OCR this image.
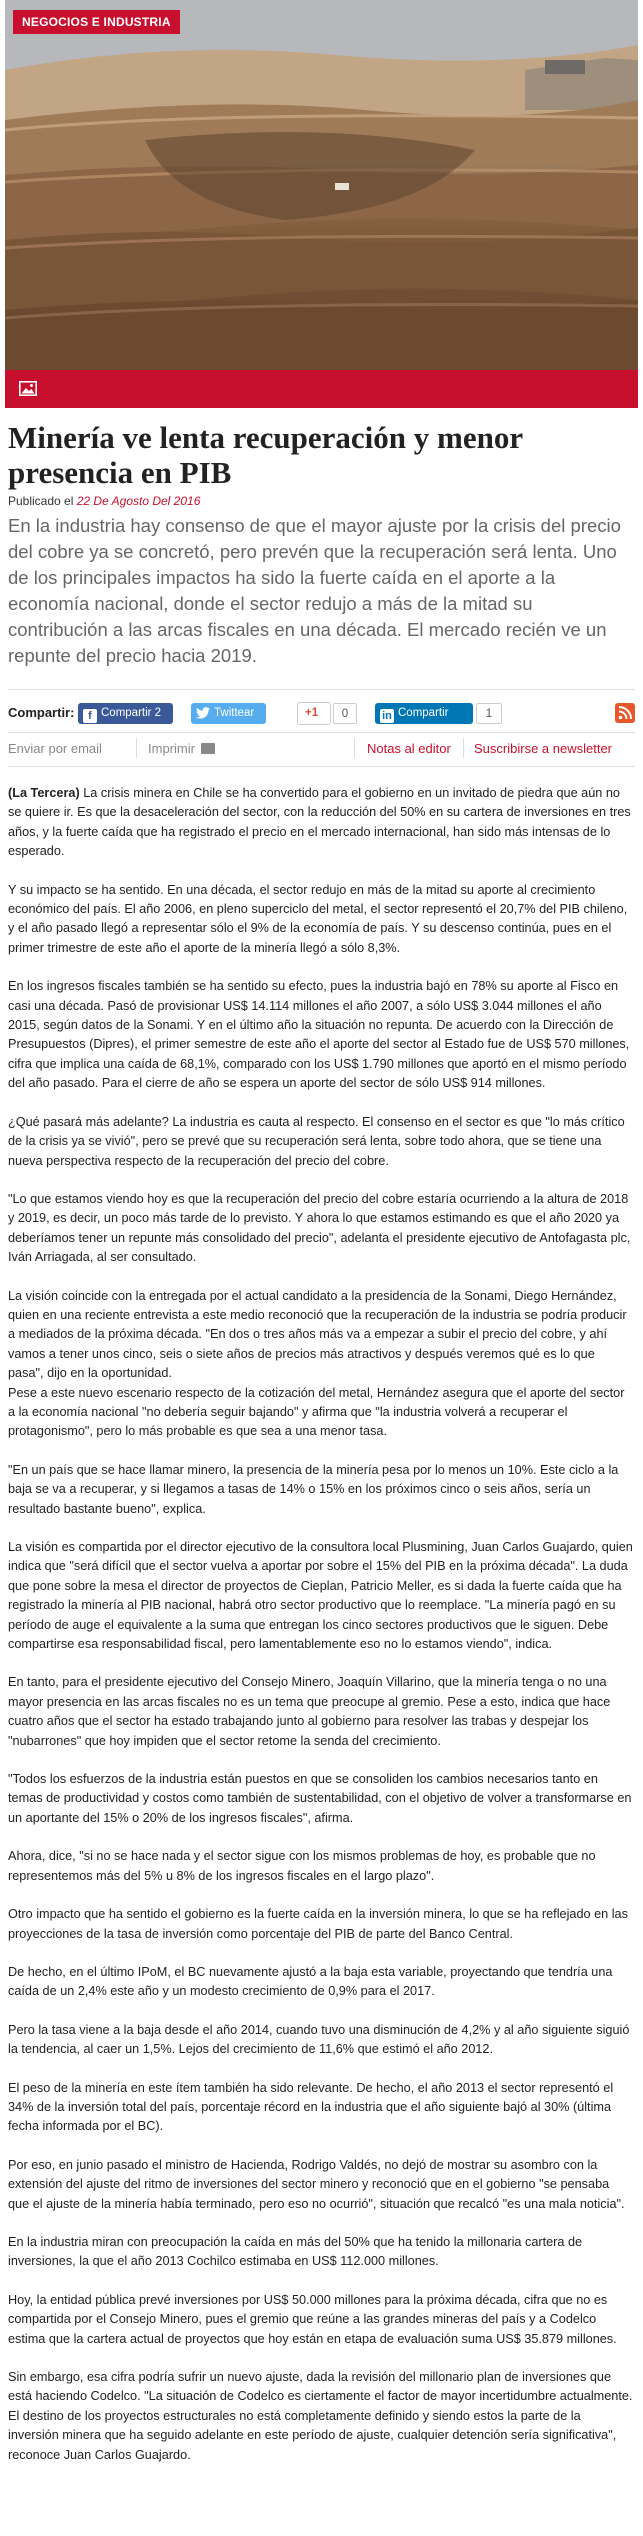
NEGOCIOS E INDUSTRIA
Minería ve lenta recuperación y menor presencia en PIB
Publicado el 22 De Agosto Del 2016

En la industria hay consenso de que el mayor ajuste por la crisis del precio del cobre ya se concretó, pero prevén que la recuperación será lenta. Uno de los principales impactos ha sido la fuerte caída en el aporte a la economía nacional, donde el sector redujo a más de la mitad su contribución a las arcas fiscales en una década. El mercado recién ve un repunte del precio hacia 2019.

Compartir:	f Compartir 2	Twittear	+1	0	in Compartir	1
Enviar por email	Imprimir	Notas al editor Suscribirse a newsletter

(La Tercera) La crisis minera en Chile se ha convertido para el gobierno en un invitado de piedra que aún no se quiere ir. Es que la desaceleración del sector, con la reducción del 50% en su cartera de inversiones en tres años, y la fuerte caída que ha registrado el precio en el mercado internacional, han sido más intensas de lo esperado.

Y su impacto se ha sentido. En una década, el sector redujo en más de la mitad su aporte al crecimiento económico del país. El año 2006, en pleno superciclo del metal, el sector representó el 20,7% del PIB chileno, y el año pasado llegó a representar sólo el 9% de la economía de país. Y su descenso continúa, pues en el primer trimestre de este año el aporte de la minería llegó a sólo 8,3%.

En los ingresos fiscales también se ha sentido su efecto, pues la industria bajó en 78% su aporte al Fisco en casi una década. Pasó de provisionar US$ 14.114 millones el año 2007, a sólo US$ 3.044 millones el año 2015, según datos de la Sonami. Y en el último año la situación no repunta. De acuerdo con la Dirección de Presupuestos (Dipres), el primer semestre de este año el aporte del sector al Estado fue de US$ 570 millones, cifra que implica una caída de 68,1%, comparado con los US$ 1.790 millones que aportó en el mismo período del año pasado. Para el cierre de año se espera un aporte del sector de sólo US$ 914 millones.

¿Qué pasará más adelante? La industria es cauta al respecto. El consenso en el sector es que "lo más crítico de la crisis ya se vivió", pero se prevé que su recuperación será lenta, sobre todo ahora, que se tiene una nueva perspectiva respecto de la recuperación del precio del cobre.

"Lo que estamos viendo hoy es que la recuperación del precio del cobre estaría ocurriendo a la altura de 2018 y 2019, es decir, un poco más tarde de lo previsto. Y ahora lo que estamos estimando es que el año 2020 ya deberíamos tener un repunte más consolidado del precio", adelanta el presidente ejecutivo de Antofagasta plc, Iván Arriagada, al ser consultado.

La visión coincide con la entregada por el actual candidato a la presidencia de la Sonami, Diego Hernández, quien en una reciente entrevista a este medio reconoció que la recuperación de la industria se podría producir a mediados de la próxima década. "En dos o tres años más va a empezar a subir el precio del cobre, y ahí vamos a tener unos cinco, seis o siete años de precios más atractivos y después veremos qué es lo que pasa", dijo en la oportunidad.

Pese a este nuevo escenario respecto de la cotización del metal, Hernández asegura que el aporte del sector a la economía nacional "no debería seguir bajando" y afirma que "la industria volverá a recuperar el protagonismo", pero lo más probable es que sea a una menor tasa.

"En un país que se hace llamar minero, la presencia de la minería pesa por lo menos un 10%. Este ciclo a la baja se va a recuperar, y si llegamos a tasas de 14% o 15% en los próximos cinco o seis años, sería un resultado bastante bueno", explica.

La visión es compartida por el director ejecutivo de la consultora local Plusmining, Juan Carlos Guajardo, quien indica que "será difícil que el sector vuelva a aportar por sobre el 15% del PIB en la próxima década". La duda que pone sobre la mesa el director de proyectos de Cieplan, Patricio Meller, es si dada la fuerte caída que ha registrado la minería al PIB nacional, habrá otro sector productivo que lo reemplace. "La minería pagó en su período de auge el equivalente a la suma que entregan los cinco sectores productivos que le siguen. Debe compartirse esa responsabilidad fiscal, pero lamentablemente eso no lo estamos viendo", indica.

En tanto, para el presidente ejecutivo del Consejo Minero, Joaquín Villarino, que la minería tenga o no una mayor presencia en las arcas fiscales no es un tema que preocupe al gremio. Pese a esto, indica que hace cuatro años que el sector ha estado trabajando junto al gobierno para resolver las trabas y despejar los "nubarrones" que hoy impiden que el sector retome la senda del crecimiento.

"Todos los esfuerzos de la industria están puestos en que se consoliden los cambios necesarios tanto en temas de productividad y costos como también de sustentabilidad, con el objetivo de volver a transformarse en un aportante del 15% o 20% de los ingresos fiscales", afirma.

Ahora, dice, "si no se hace nada y el sector sigue con los mismos problemas de hoy, es probable que no representemos más del 5% u 8% de los ingresos fiscales en el largo plazo".

Otro impacto que ha sentido el gobierno es la fuerte caída en la inversión minera, lo que se ha reflejado en las proyecciones de la tasa de inversión como porcentaje del PIB de parte del Banco Central.

De hecho, en el último IPoM, el BC nuevamente ajustó a la baja esta variable, proyectando que tendría una caída de un 2,4% este año y un modesto crecimiento de 0,9% para el 2017.

Pero la tasa viene a la baja desde el año 2014, cuando tuvo una disminución de 4,2% y al año siguiente siguió la tendencia, al caer un 1,5%. Lejos del crecimiento de 11,6% que estimó el año 2012.

El peso de la minería en este ítem también ha sido relevante. De hecho, el año 2013 el sector representó el 34% de la inversión total del país, porcentaje récord en la industria que el año siguiente bajó al 30% (última fecha informada por el BC).

Por eso, en junio pasado el ministro de Hacienda, Rodrigo Valdés, no dejó de mostrar su asombro con la extensión del ajuste del ritmo de inversiones del sector minero y reconoció que en el gobierno "se pensaba que el ajuste de la minería había terminado, pero eso no ocurrió", situación que recalcó "es una mala noticia".

En la industria miran con preocupación la caída en más del 50% que ha tenido la millonaria cartera de inversiones, la que el año 2013 Cochilco estimaba en US$ 112.000 millones.

Hoy, la entidad pública prevé inversiones por US$ 50.000 millones para la próxima década, cifra que no es compartida por el Consejo Minero, pues el gremio que reúne a las grandes mineras del país y a Codelco estima que la cartera actual de proyectos que hoy están en etapa de evaluación suma US$ 35.879 millones.

Sin embargo, esa cifra podría sufrir un nuevo ajuste, dada la revisión del millonario plan de inversiones que está haciendo Codelco. "La situación de Codelco es ciertamente el factor de mayor incertidumbre actualmente. El destino de los proyectos estructurales no está completamente definido y siendo estos la parte de la inversión minera que ha seguido adelante en este período de ajuste, cualquier detención sería significativa", reconoce Juan Carlos Guajardo.
